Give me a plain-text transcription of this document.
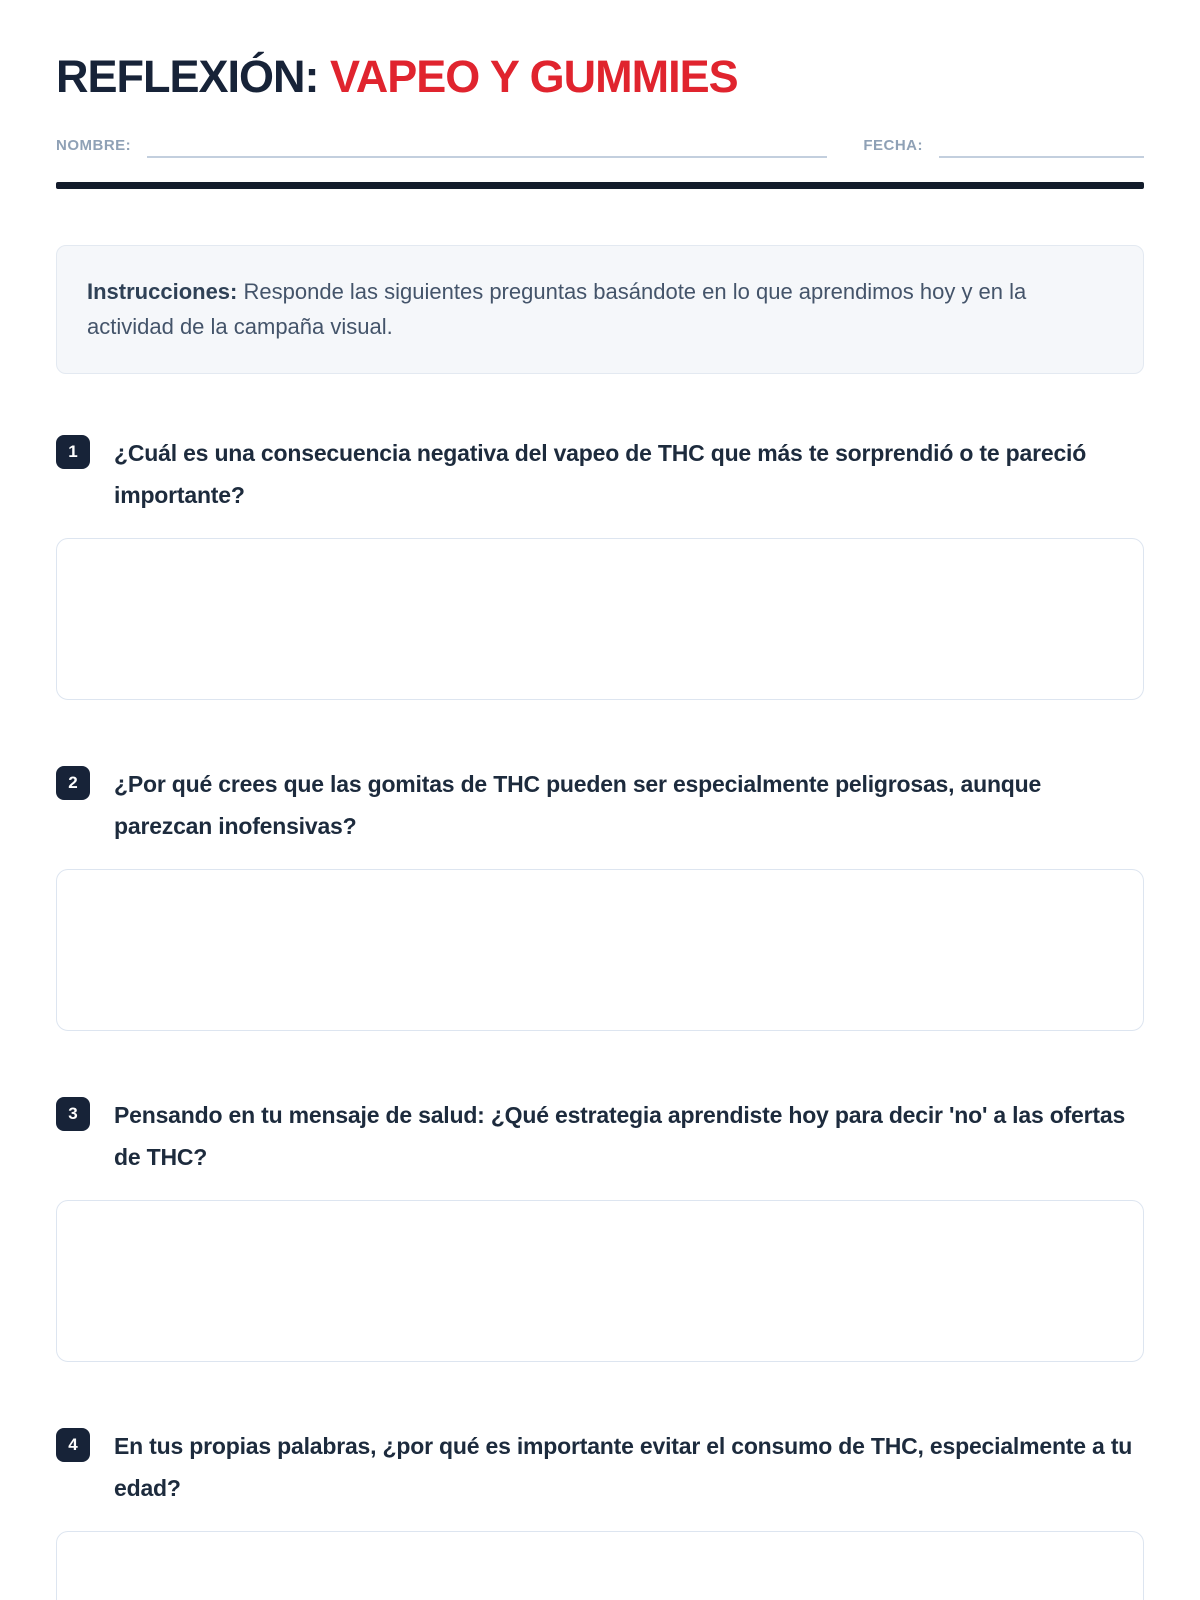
REFLEXIÓN: VAPEO Y GUMMIES
NOMBRE:	FECHA:
Instrucciones: Responde las siguientes preguntas basándote en lo que aprendimos hoy y en la actividad de la campaña visual.
1	¿Cuál es una consecuencia negativa del vapeo de THC que más te sorprendió o te pareció importante?
2	¿Por qué crees que las gomitas de THC pueden ser especialmente peligrosas, aunque parezcan inofensivas?
3	Pensando en tu mensaje de salud: ¿Qué estrategia aprendiste hoy para decir 'no' a las ofertas de THC?
4	En tus propias palabras, ¿por qué es importante evitar el consumo de THC, especialmente a tu edad?
